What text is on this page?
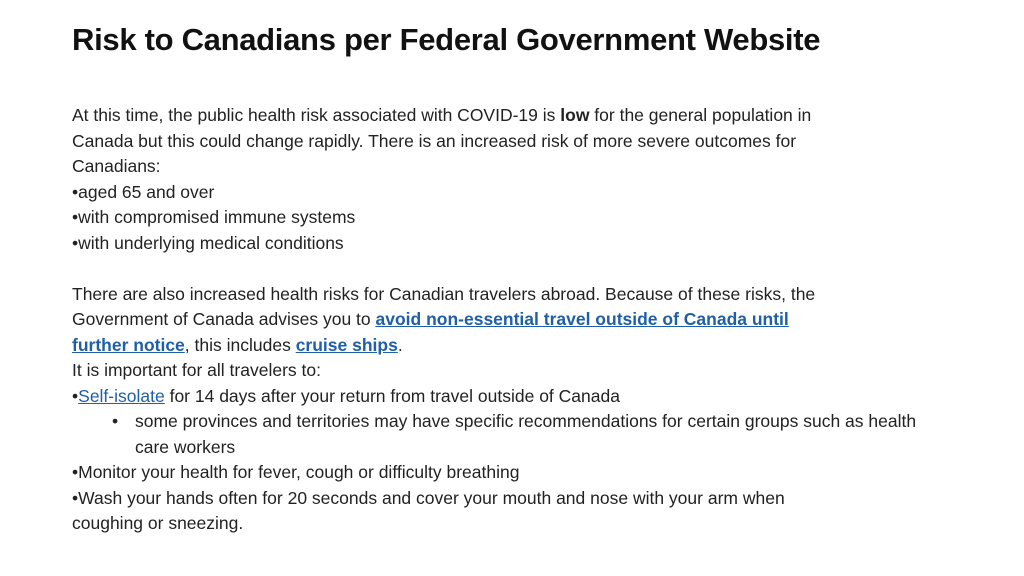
Risk to Canadians per Federal Government Website

At this time, the public health risk associated with COVID-19 is low for the general population in

Canada but this could change rapidly. There is an increased risk of more severe outcomes for

Canadians:

•aged 65 and over

•with compromised immune systems

•with underlying medical conditions

There are also increased health risks for Canadian travelers abroad. Because of these risks, the

Government of Canada advises you to avoid non-essential travel outside of Canada until

further notice, this includes cruise ships.

It is important for all travelers to:

•Self-isolate for 14 days after your return from travel outside of Canada

• some provinces and territories may have specific recommendations for certain groups such as health care workers

•Monitor your health for fever, cough or difficulty breathing

•Wash your hands often for 20 seconds and cover your mouth and nose with your arm when

coughing or sneezing.
